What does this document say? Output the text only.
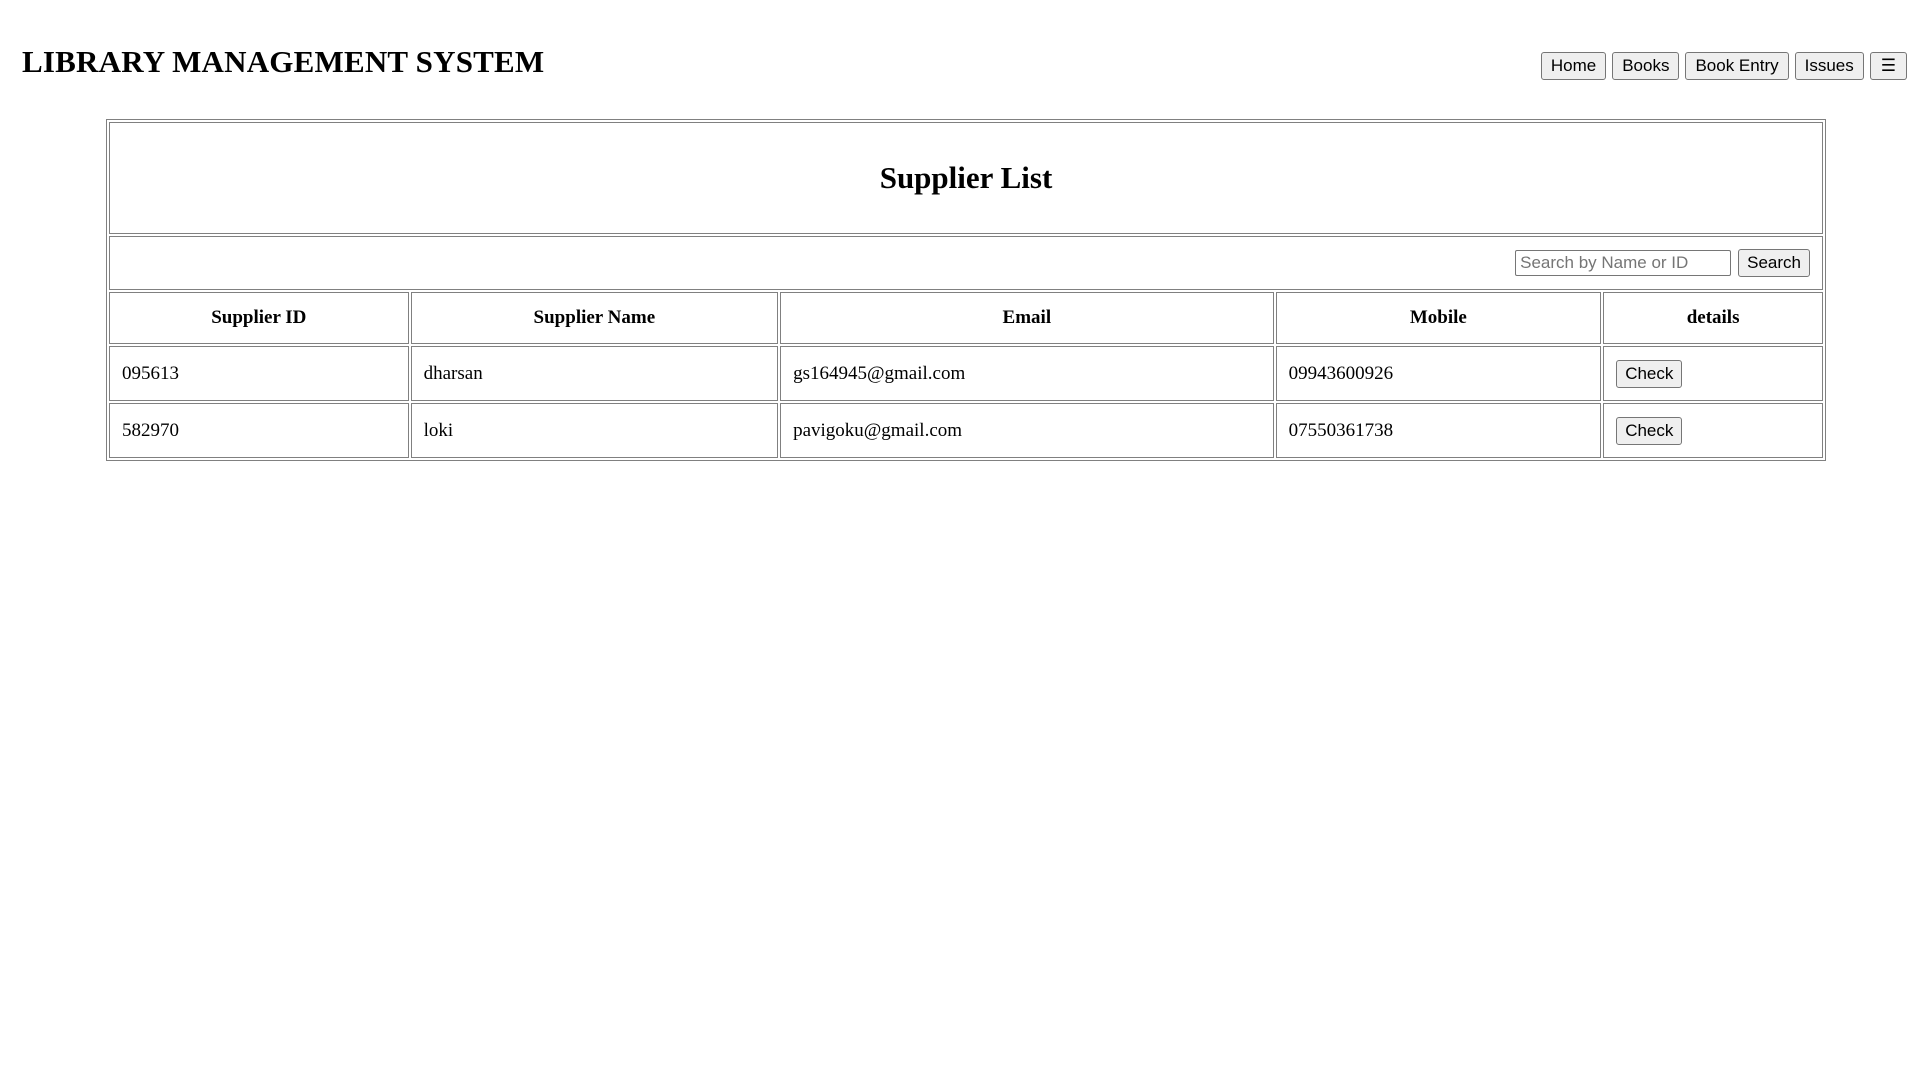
LIBRARY MANAGEMENT SYSTEM	Home	Books	Book Entry	Issues	☰
Supplier List				
Search by Name or ID Search
Supplier ID	Supplier Name	Email	Mobile	details
095613	dharsan	gs164945@gmail.com	09943600926	Check
582970	loki	pavigoku@gmail.com	07550361738	Check
